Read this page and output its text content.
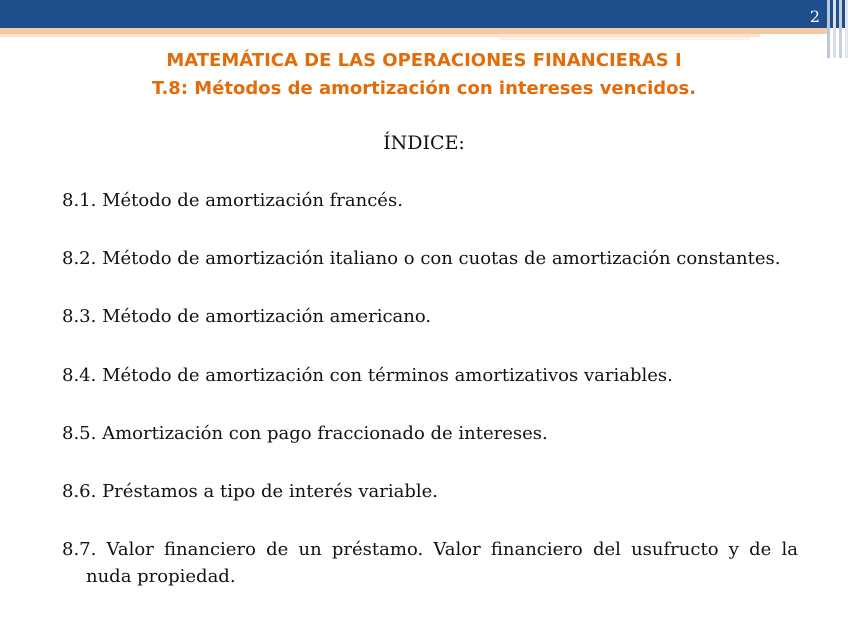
2
MATEMÁTICA DE LAS OPERACIONES FINANCIERAS I
T.8: Métodos de amortización con intereses vencidos.
ÍNDICE:
8.1. Método de amortización francés.
8.2. Método de amortización italiano o con cuotas de amortización constantes.
8.3. Método de amortización americano.
8.4. Método de amortización con términos amortizativos variables.
8.5. Amortización con pago fraccionado de intereses.
8.6. Préstamos a tipo de interés variable.
8.7. Valor financiero de un préstamo. Valor financiero del usufructo y de la
nuda propiedad.
